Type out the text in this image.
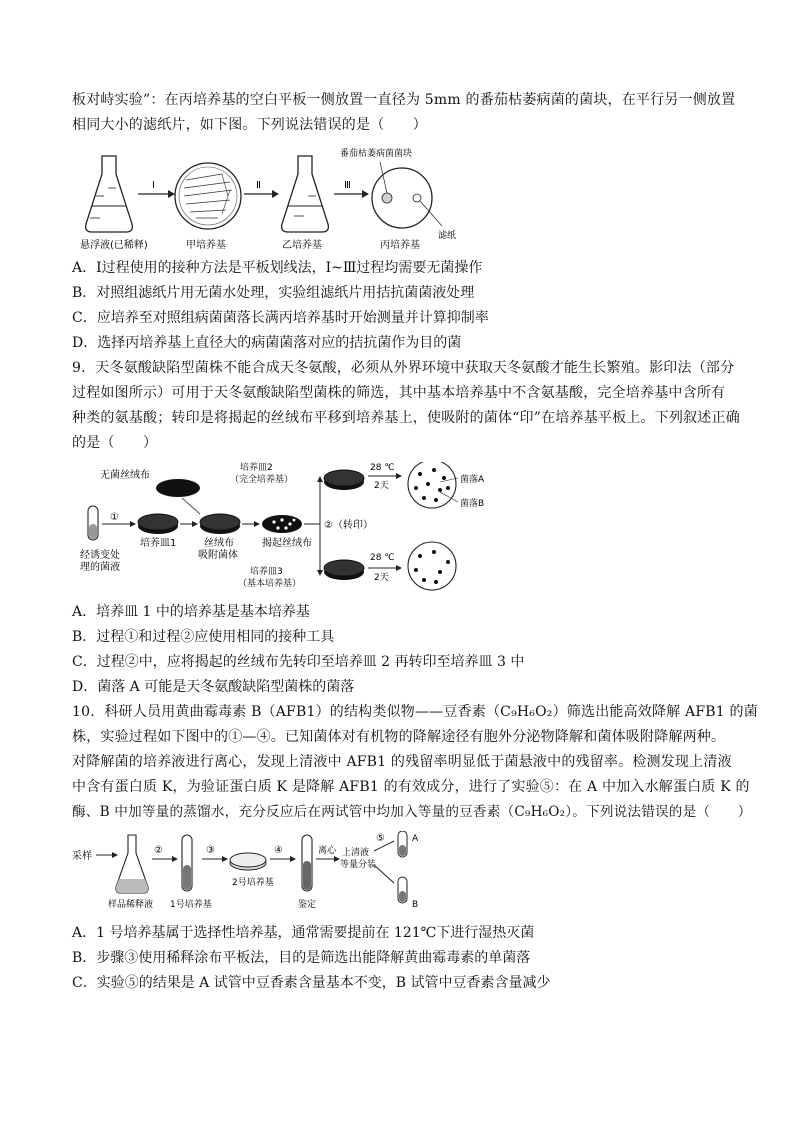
板对峙实验”：在丙培养基的空白平板一侧放置一直径为 5mm 的番茄枯萎病菌的菌块，在平行另一侧放置
相同大小的滤纸片，如下图。下列说法错误的是（　　）
悬浮液(已稀释)
Ⅰ
甲培养基
Ⅱ
乙培养基
Ⅲ
番茄枯萎病菌菌块
滤纸
丙培养基
A．Ⅰ过程使用的接种方法是平板划线法，Ⅰ~Ⅲ过程均需要无菌操作
B．对照组滤纸片用无菌水处理，实验组滤纸片用拮抗菌菌液处理
C．应培养至对照组病菌菌落长满丙培养基时开始测量并计算抑制率
D．选择丙培养基上直径大的病菌菌落对应的拮抗菌作为目的菌
9．天冬氨酸缺陷型菌株不能合成天冬氨酸，必须从外界环境中获取天冬氨酸才能生长繁殖。影印法（部分
过程如图所示）可用于天冬氨酸缺陷型菌株的筛选，其中基本培养基中不含氨基酸，完全培养基中含所有
种类的氨基酸；转印是将揭起的丝绒布平移到培养基上，使吸附的菌体“印”在培养基平板上。下列叙述正确
的是（　　）
无菌丝绒布
经诱变处
理的菌液
①
培养皿1	丝绒布
吸附菌体
揭起丝绒布
②（转印）
培养皿2
（完全培养基）
28 ℃
2天
菌落A
菌落B
培养皿3
（基本培养基）
28 ℃
2天
A．培养皿 1 中的培养基是基本培养基
B．过程①和过程②应使用相同的接种工具
C．过程②中，应将揭起的丝绒布先转印至培养皿 2 再转印至培养皿 3 中
D．菌落 A 可能是天冬氨酸缺陷型菌株的菌落
10．科研人员用黄曲霉毒素 B（AFB1）的结构类似物——豆香素（C₉H₆O₂）筛选出能高效降解 AFB1 的菌
株，实验过程如下图中的①—④。已知菌体对有机物的降解途径有胞外分泌物降解和菌体吸附降解两种。
对降解菌的培养液进行离心，发现上清液中 AFB1 的残留率明显低于菌悬液中的残留率。检测发现上清液
中含有蛋白质 K，为验证蛋白质 K 是降解 AFB1 的有效成分，进行了实验⑤：在 A 中加入水解蛋白质 K 的
酶、B 中加等量的蒸馏水，充分反应后在两试管中均加入等量的豆香素（C₉H₆O₂）。下列说法错误的是（　　）
采样
样品稀释液
②
1号培养基
③
2号培养基
④
鉴定
离心 上清液
等量分装
⑤	A
B
A．1 号培养基属于选择性培养基，通常需要提前在 121℃下进行湿热灭菌
B．步骤③使用稀释涂布平板法，目的是筛选出能降解黄曲霉毒素的单菌落
C．实验⑤的结果是 A 试管中豆香素含量基本不变，B 试管中豆香素含量减少
